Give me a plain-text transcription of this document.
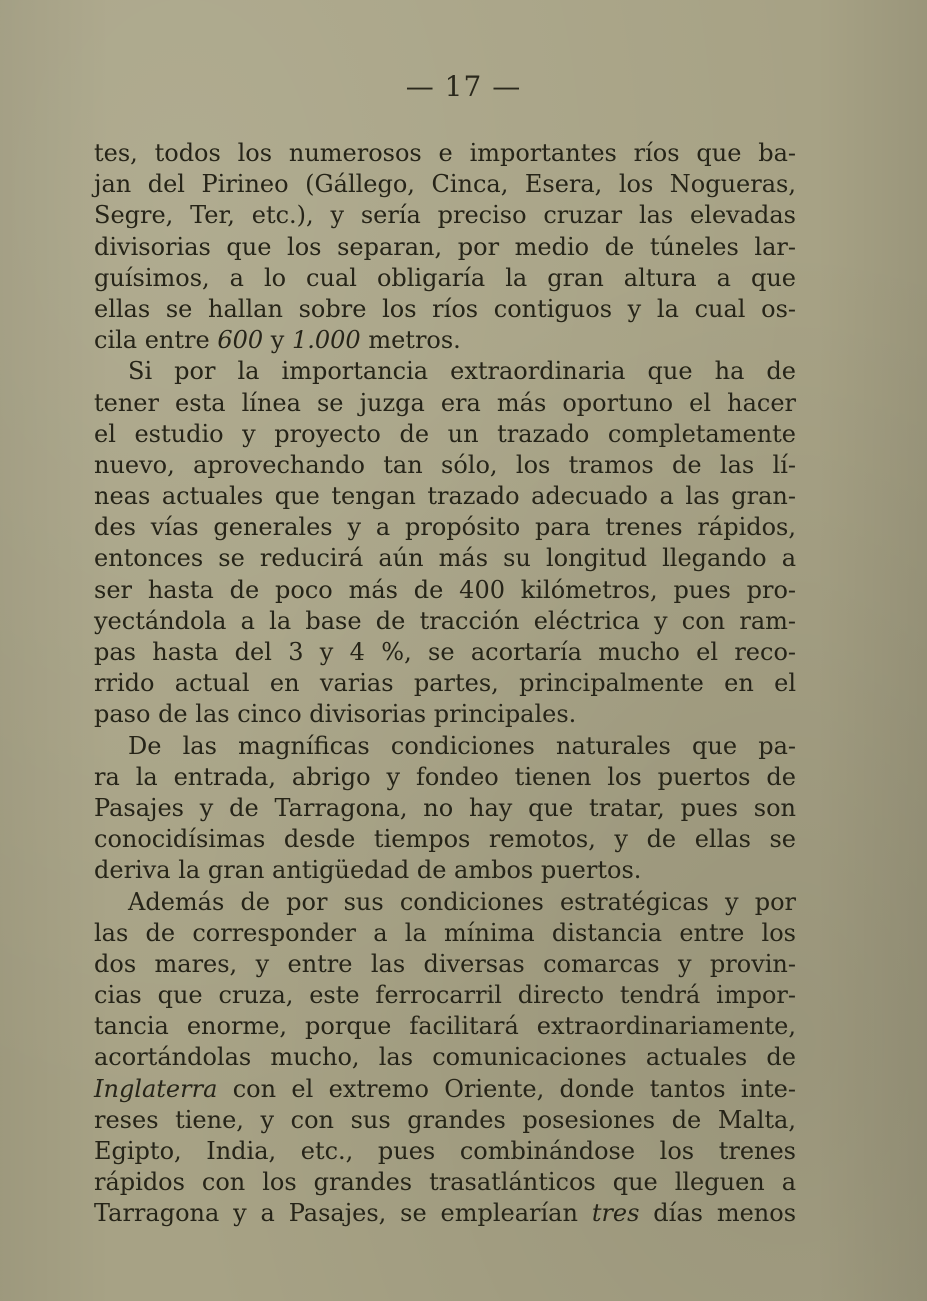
— 17 —
tes, todos los numerosos e importantes ríos que ba-
jan del Pirineo (Gállego, Cinca, Esera, los Nogueras,
Segre, Ter, etc.), y sería preciso cruzar las elevadas
divisorias que los separan, por medio de túneles lar-
guísimos, a lo cual obligaría la gran altura a que
ellas se hallan sobre los ríos contiguos y la cual os-
cila entre 600 y 1.000 metros.
Si por la importancia extraordinaria que ha de
tener esta línea se juzga era más oportuno el hacer
el estudio y proyecto de un trazado completamente
nuevo, aprovechando tan sólo, los tramos de las lí-
neas actuales que tengan trazado adecuado a las gran-
des vías generales y a propósito para trenes rápidos,
entonces se reducirá aún más su longitud llegando a
ser hasta de poco más de 400 kilómetros, pues pro-
yectándola a la base de tracción eléctrica y con ram-
pas hasta del 3 y 4 %, se acortaría mucho el reco-
rrido actual en varias partes, principalmente en el
paso de las cinco divisorias principales.
De las magníficas condiciones naturales que pa-
ra la entrada, abrigo y fondeo tienen los puertos de
Pasajes y de Tarragona, no hay que tratar, pues son
conocidísimas desde tiempos remotos, y de ellas se
deriva la gran antigüedad de ambos puertos.
Además de por sus condiciones estratégicas y por
las de corresponder a la mínima distancia entre los
dos mares, y entre las diversas comarcas y provin-
cias que cruza, este ferrocarril directo tendrá impor-
tancia enorme, porque facilitará extraordinariamente,
acortándolas mucho, las comunicaciones actuales de
Inglaterra con el extremo Oriente, donde tantos inte-
reses tiene, y con sus grandes posesiones de Malta,
Egipto, India, etc., pues combinándose los trenes
rápidos con los grandes trasatlánticos que lleguen a
Tarragona y a Pasajes, se emplearían tres días menos
